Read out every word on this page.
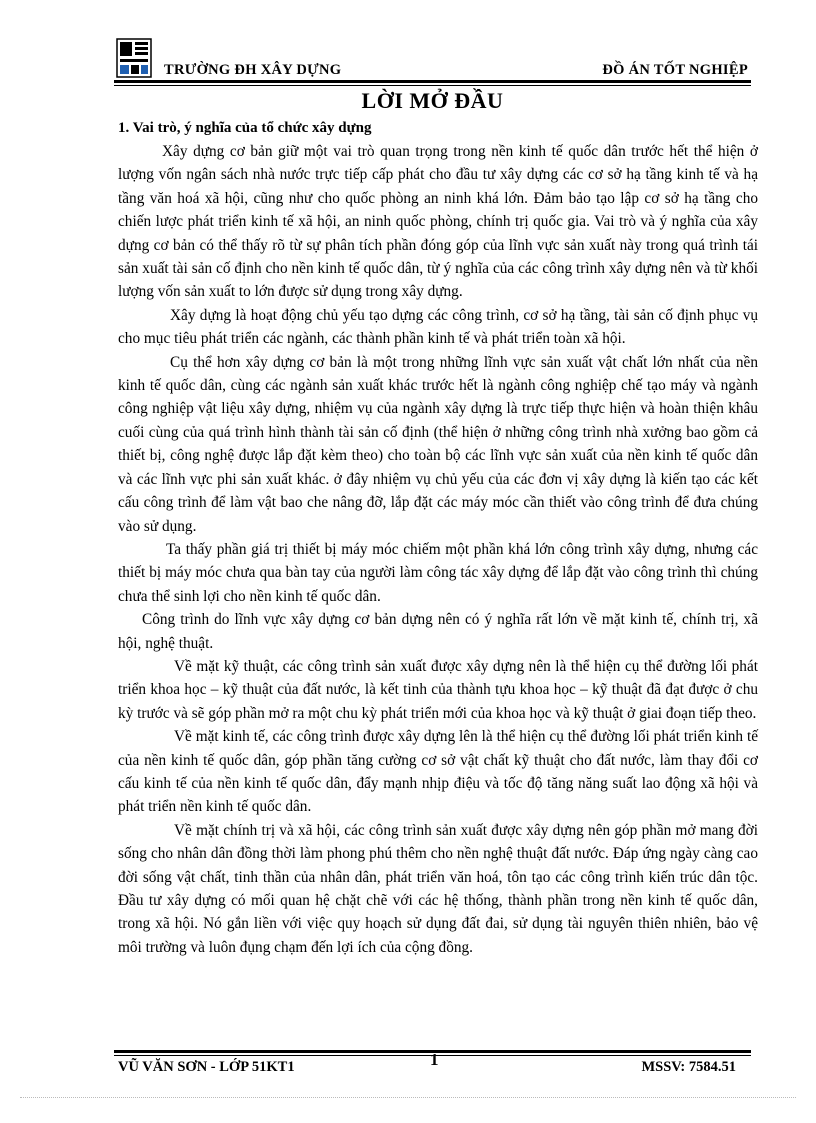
TRƯỜNG ĐH XÂY DỰNG	ĐỒ ÁN TỐT NGHIỆP
LỜI MỞ ĐẦU
1. Vai trò, ý nghĩa của tổ chức xây dựng

Xây dựng cơ bản giữ một vai trò quan trọng trong nền kinh tế quốc dân trước hết thể hiện ở lượng vốn ngân sách nhà nước trực tiếp cấp phát cho đầu tư xây dựng các cơ sở hạ tầng kinh tế và hạ tầng văn hoá xã hội, cũng như cho quốc phòng an ninh khá lớn. Đảm bảo tạo lập cơ sở hạ tầng cho chiến lược phát triển kinh tế xã hội, an ninh quốc phòng, chính trị quốc gia. Vai trò và ý nghĩa của xây dựng cơ bản có thể thấy rõ từ sự phân tích phần đóng góp của lĩnh vực sản xuất này trong quá trình tái sản xuất tài sản cố định cho nền kinh tế quốc dân, từ ý nghĩa của các công trình xây dựng nên và từ khối lượng vốn sản xuất to lớn được sử dụng trong xây dựng.

Xây dựng là hoạt động chủ yếu tạo dựng các công trình, cơ sở hạ tầng, tài sản cố định phục vụ cho mục tiêu phát triển các ngành, các thành phần kinh tế và phát triển toàn xã hội.

Cụ thể hơn xây dựng cơ bản là một trong những lĩnh vực sản xuất vật chất lớn nhất của nền kinh tế quốc dân, cùng các ngành sản xuất khác trước hết là ngành công nghiệp chế tạo máy và ngành công nghiệp vật liệu xây dựng, nhiệm vụ của ngành xây dựng là trực tiếp thực hiện và hoàn thiện khâu cuối cùng của quá trình hình thành tài sản cố định (thể hiện ở những công trình nhà xưởng bao gồm cả thiết bị, công nghệ được lắp đặt kèm theo) cho toàn bộ các lĩnh vực sản xuất của nền kinh tế quốc dân và các lĩnh vực phi sản xuất khác. ở đây nhiệm vụ chủ yếu của các đơn vị xây dựng là kiến tạo các kết cấu công trình để làm vật bao che nâng đỡ, lắp đặt các máy móc cần thiết vào công trình để đưa chúng vào sử dụng.

Ta thấy phần giá trị thiết bị máy móc chiếm một phần khá lớn công trình xây dựng, nhưng các thiết bị máy móc chưa qua bàn tay của người làm công tác xây dựng để lắp đặt vào công trình thì chúng chưa thể sinh lợi cho nền kinh tế quốc dân.

Công trình do lĩnh vực xây dựng cơ bản dựng nên có ý nghĩa rất lớn về mặt kinh tế, chính trị, xã hội, nghệ thuật.

Về mặt kỹ thuật, các công trình sản xuất được xây dựng nên là thể hiện cụ thể đường lối phát triển khoa học – kỹ thuật của đất nước, là kết tinh của thành tựu khoa học – kỹ thuật đã đạt được ở chu kỳ trước và sẽ góp phần mở ra một chu kỳ phát triển mới của khoa học và kỹ thuật ở giai đoạn tiếp theo.

Về mặt kinh tế, các công trình được xây dựng lên là thể hiện cụ thể đường lối phát triển kinh tế của nền kinh tế quốc dân, góp phần tăng cường cơ sở vật chất kỹ thuật cho đất nước, làm thay đổi cơ cấu kinh tế của nền kinh tế quốc dân, đẩy mạnh nhịp điệu và tốc độ tăng năng suất lao động xã hội và phát triển nền kinh tế quốc dân.

Về mặt chính trị và xã hội, các công trình sản xuất được xây dựng nên góp phần mở mang đời sống cho nhân dân đồng thời làm phong phú thêm cho nền nghệ thuật đất nước. Đáp ứng ngày càng cao đời sống vật chất, tinh thần của nhân dân, phát triển văn hoá, tôn tạo các công trình kiến trúc dân tộc. Đầu tư xây dựng có mối quan hệ chặt chẽ với các hệ thống, thành phần trong nền kinh tế quốc dân, trong xã hội. Nó gắn liền với việc quy hoạch sử dụng đất đai, sử dụng tài nguyên thiên nhiên, bảo vệ môi trường và luôn đụng chạm đến lợi ích của cộng đồng.

VŨ VĂN SƠN - LỚP 51KT1	1	MSSV: 7584.51
